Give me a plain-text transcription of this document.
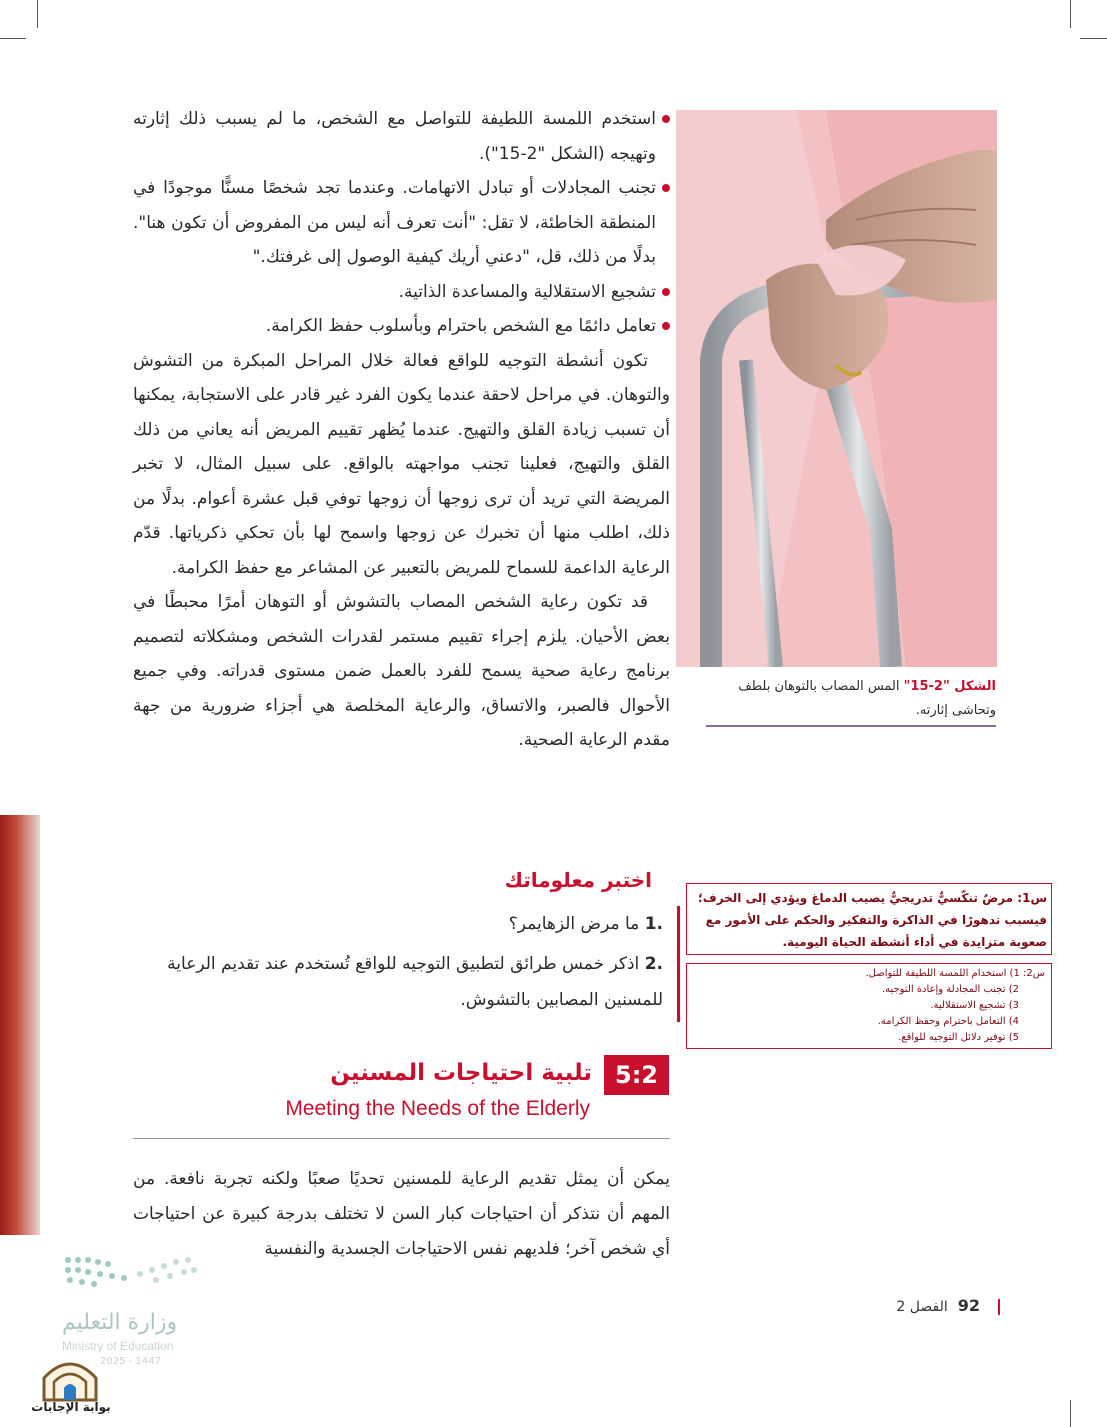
استخدم اللمسة اللطيفة للتواصل مع الشخص، ما لم يسبب ذلك إثارته وتهيجه (الشكل "2-15").

تجنب المجادلات أو تبادل الاتهامات. وعندما تجد شخصًا مسنًّا موجودًا في المنطقة الخاطئة، لا تقل: "أنت تعرف أنه ليس من المفروض أن تكون هنا". بدلًا من ذلك، قل، "دعني أريك كيفية الوصول إلى غرفتك."

تشجيع الاستقلالية والمساعدة الذاتية.

تعامل دائمًا مع الشخص باحترام وبأسلوب حفظ الكرامة.

تكون أنشطة التوجيه للواقع فعالة خلال المراحل المبكرة من التشوش والتوهان. في مراحل لاحقة عندما يكون الفرد غير قادر على الاستجابة، يمكنها أن تسبب زيادة القلق والتهيج. عندما يُظهر تقييم المريض أنه يعاني من ذلك القلق والتهيج، فعلينا تجنب مواجهته بالواقع. على سبيل المثال، لا تخبر المريضة التي تريد أن ترى زوجها أن زوجها توفي قبل عشرة أعوام. بدلًا من ذلك، اطلب منها أن تخبرك عن زوجها واسمح لها بأن تحكي ذكرياتها. قدّم الرعاية الداعمة للسماح للمريض بالتعبير عن المشاعر مع حفظ الكرامة.

قد تكون رعاية الشخص المصاب بالتشوش أو التوهان أمرًا محبطًا في بعض الأحيان. يلزم إجراء تقييم مستمر لقدرات الشخص ومشكلاته لتصميم برنامج رعاية صحية يسمح للفرد بالعمل ضمن مستوى قدراته. وفي جميع الأحوال فالصبر، والاتساق، والرعاية المخلصة هي أجزاء ضرورية من جهة مقدم الرعاية الصحية.

الشكل "2-15" المس المصاب بالتوهان بلطف وتحاشى إثارته.
اختبر معلوماتك

.1 ما مرض الزهايمر؟

.2 اذكر خمس طرائق لتطبيق التوجيه للواقع تُستخدم عند تقديم الرعاية للمسنين المصابين بالتشوش.

س1: مرضٌ تنكّسيٌّ تدريجيٌّ يصيب الدماغ ويؤدي إلى الخرف؛ فيسبب تدهورًا في الذاكرة والتفكير والحكم على الأمور مع صعوبة متزايدة في أداء أنشطة الحياة اليومية.
س2: 1) استخدام اللمسة اللطيفة للتواصل.
2) تجنب المجادلة وإعادة التوجيه.
3) تشجيع الاستقلالية.
4) التعامل باحترام وحفظ الكرامة.
5) توفير دلائل التوجيه للواقع.
5:2
تلبية احتياجات المسنين
Meeting the Needs of the Elderly

يمكن أن يمثل تقديم الرعاية للمسنين تحديًا صعبًا ولكنه تجربة نافعة. من المهم أن نتذكر أن احتياجات كبار السن لا تختلف بدرجة كبيرة عن احتياجات أي شخص آخر؛ فلديهم نفس الاحتياجات الجسدية والنفسية

92الفصل 2
وزارة التعليم
Ministry of Education
2025 - 1447
بوابة الإجابات
